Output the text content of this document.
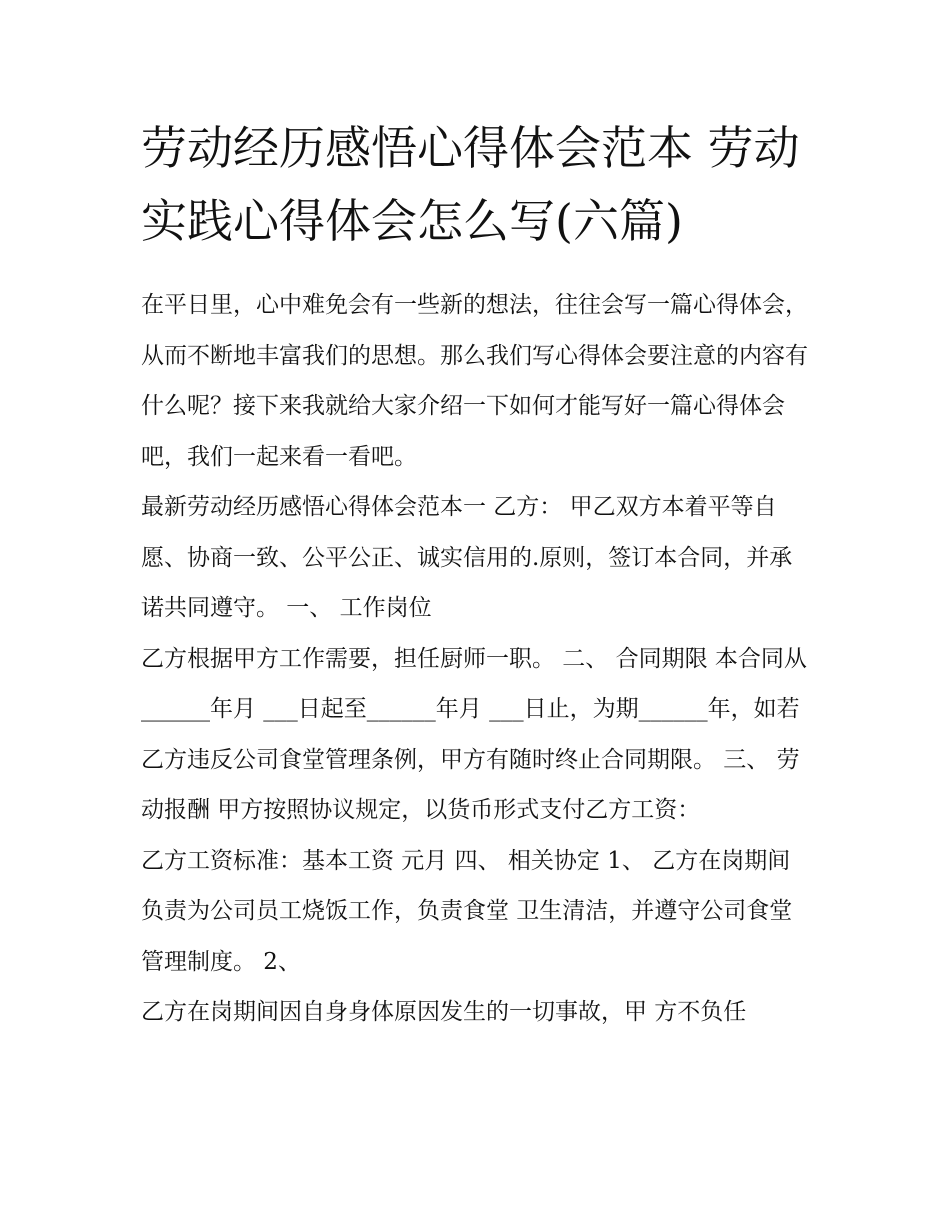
劳动经历感悟心得体会范本 劳动实践心得体会怎么写(六篇)

在平日里，心中难免会有一些新的想法，往往会写一篇心得体会，从而不断地丰富我们的思想。那么我们写心得体会要注意的内容有什么呢？接下来我就给大家介绍一下如何才能写好一篇心得体会吧，我们一起来看一看吧。

最新劳动经历感悟心得体会范本一 乙方： 甲乙双方本着平等自愿、协商一致、公平公正、诚实信用的.原则，签订本合同，并承诺共同遵守。 一、 工作岗位

乙方根据甲方工作需要，担任厨师一职。 二、 合同期限 本合同从______年月 ___日起至______年月 ___日止，为期______年，如若乙方违反公司食堂管理条例，甲方有随时终止合同期限。 三、 劳动报酬 甲方按照协议规定，以货币形式支付乙方工资：

乙方工资标准：基本工资 元月 四、 相关协定 1、 乙方在岗期间负责为公司员工烧饭工作，负责食堂 卫生清洁，并遵守公司食堂管理制度。 2、

乙方在岗期间因自身身体原因发生的一切事故，甲 方不负任
